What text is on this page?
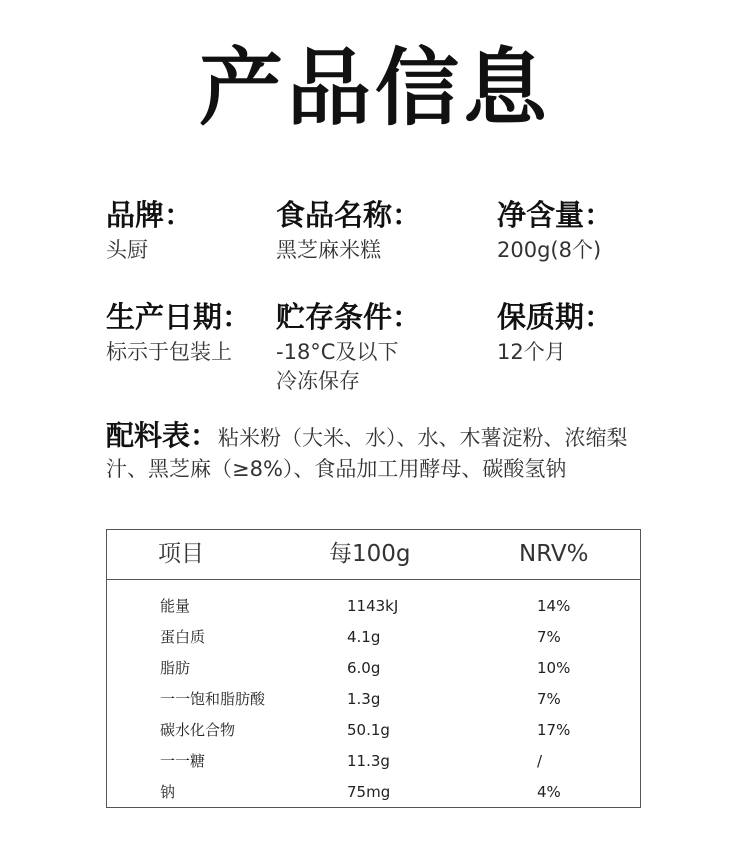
产品信息
品牌：
头厨
食品名称：
黑芝麻米糕
净含量：
200g(8个)
生产日期：
标示于包装上
贮存条件：
-18°C及以下
冷冻保存
保质期：
12个月
配料表：粘米粉（大米、水）、水、木薯淀粉、浓缩梨汁、黑芝麻（≥8%）、食品加工用酵母、碳酸氢钠
项目	每100g	NRV%
能量	1143kJ	14%
蛋白质	4.1g	7%
脂肪	6.0g	10%
一一饱和脂肪酸	1.3g	7%
碳水化合物	50.1g	17%
一一糖	11.3g	/
钠	75mg	4%
